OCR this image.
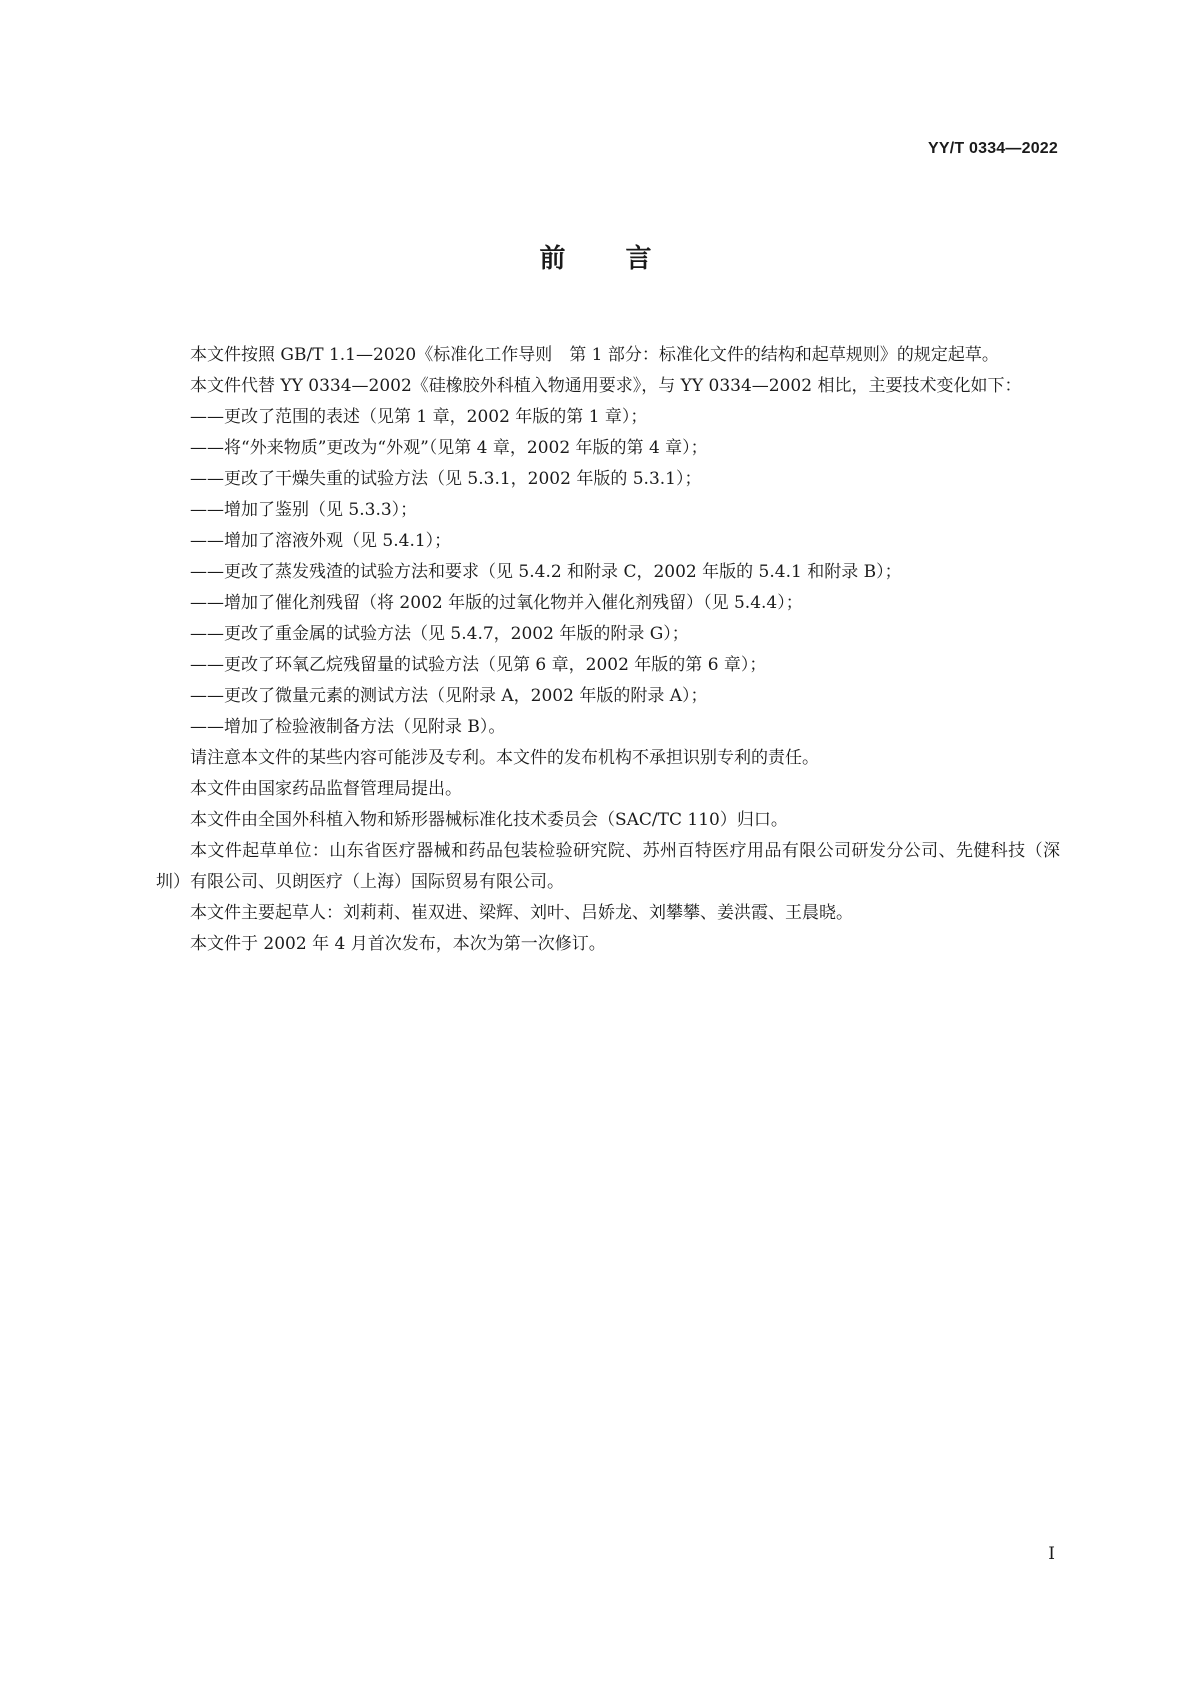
YY/T 0334—2022
前言

本文件按照 GB/T 1.1—2020《标准化工作导则　第 1 部分：标准化文件的结构和起草规则》的规定起草。

本文件代替 YY 0334—2002《硅橡胶外科植入物通用要求》，与 YY 0334—2002 相比，主要技术变化如下：

——更改了范围的表述（见第 1 章，2002 年版的第 1 章）；
——将“外来物质”更改为“外观”（见第 4 章，2002 年版的第 4 章）；
——更改了干燥失重的试验方法（见 5.3.1，2002 年版的 5.3.1）；
——增加了鉴别（见 5.3.3）；
——增加了溶液外观（见 5.4.1）；
——更改了蒸发残渣的试验方法和要求（见 5.4.2 和附录 C，2002 年版的 5.4.1 和附录 B）；
——增加了催化剂残留（将 2002 年版的过氧化物并入催化剂残留）（见 5.4.4）；
——更改了重金属的试验方法（见 5.4.7，2002 年版的附录 G）；
——更改了环氧乙烷残留量的试验方法（见第 6 章，2002 年版的第 6 章）；
——更改了微量元素的测试方法（见附录 A，2002 年版的附录 A）；
——增加了检验液制备方法（见附录 B）。

请注意本文件的某些内容可能涉及专利。本文件的发布机构不承担识别专利的责任。

本文件由国家药品监督管理局提出。

本文件由全国外科植入物和矫形器械标准化技术委员会（SAC/TC 110）归口。

本文件起草单位：山东省医疗器械和药品包装检验研究院、苏州百特医疗用品有限公司研发分公司、先健科技（深圳）有限公司、贝朗医疗（上海）国际贸易有限公司。

本文件主要起草人：刘莉莉、崔双进、梁辉、刘叶、吕娇龙、刘攀攀、姜洪霞、王晨晓。

本文件于 2002 年 4 月首次发布，本次为第一次修订。

I
